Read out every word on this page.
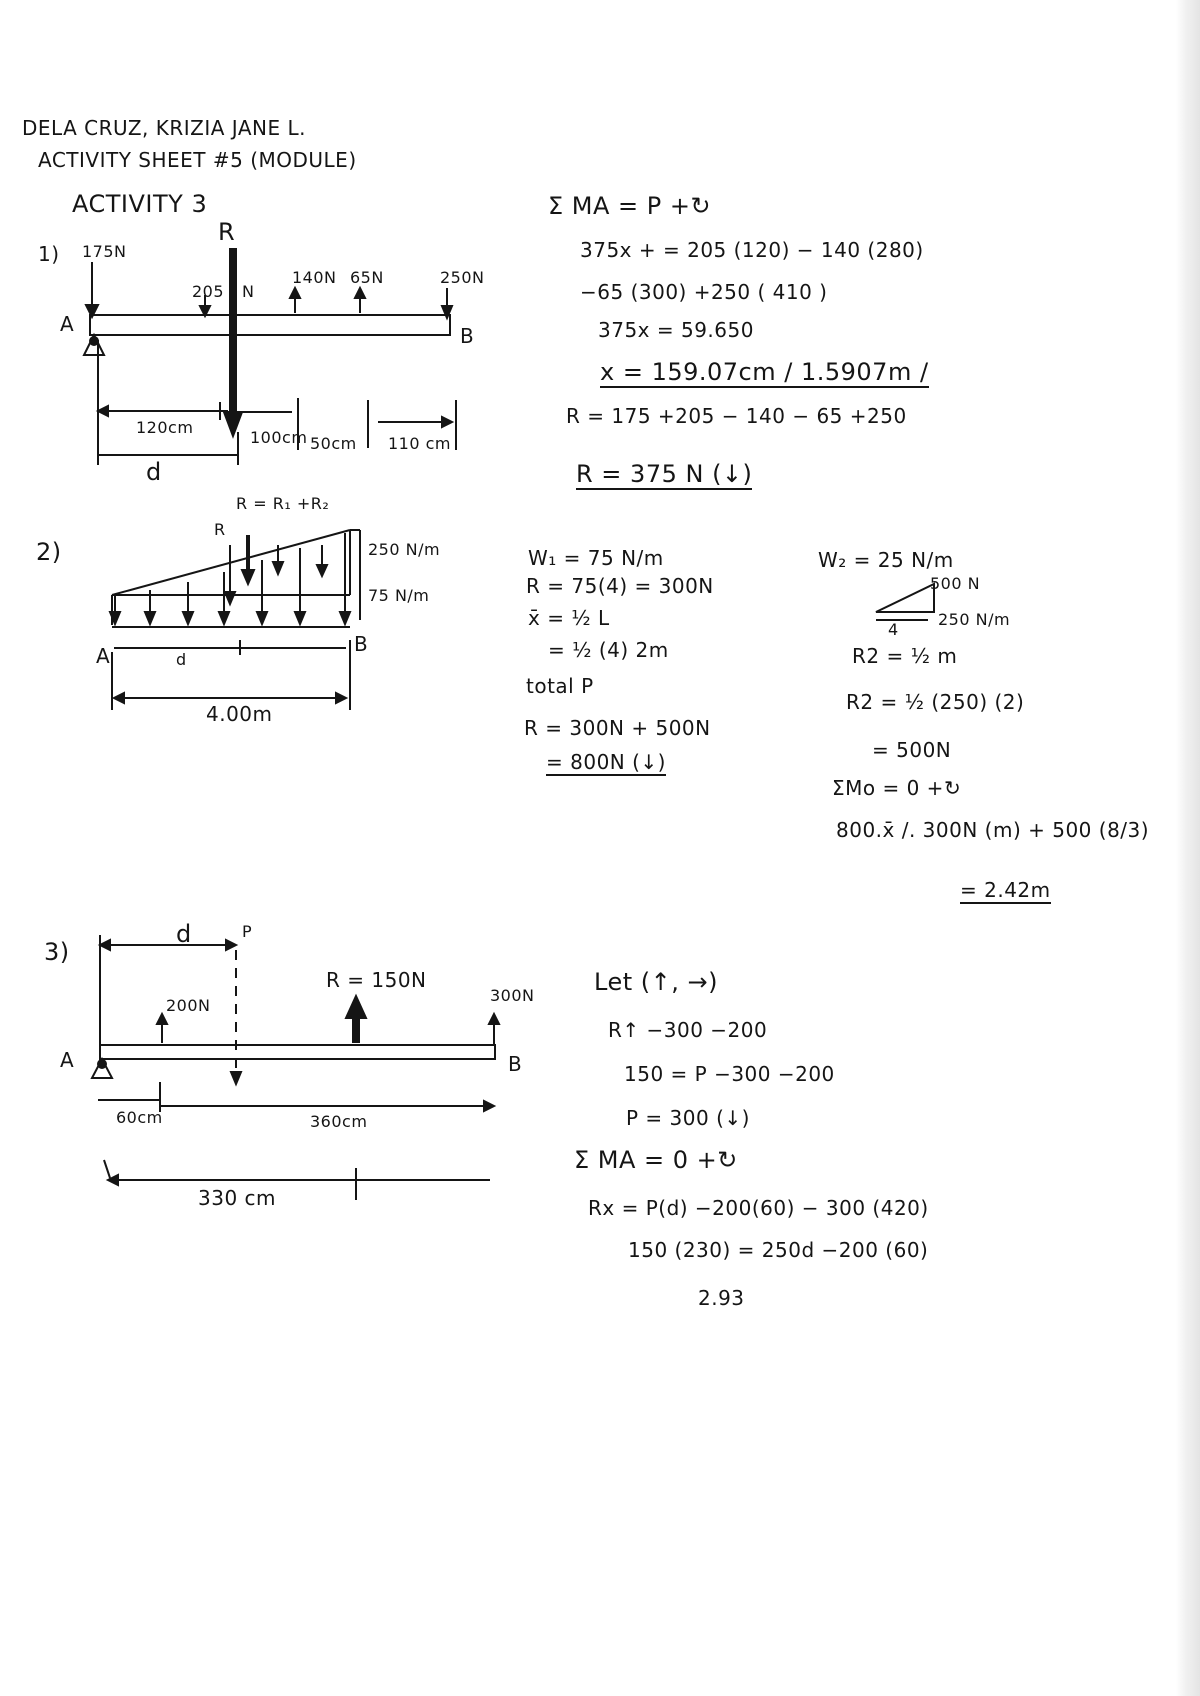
DELA CRUZ, KRIZIA JANE L.
ACTIVITY SHEET #5 (MODULE)
ACTIVITY 3
1)
R
175N
205 N
140N 65N	250N
A	B
120cm
100cm 50cm 110 cm
d
Σ MA = P +↻
375x + = 205 (120) − 140 (280)
−65 (300) +250 ( 410 )
375x = 59.650
x = 159.07cm / 1.5907m /
R = 175 +205 − 140 − 65 +250
R = 375 N (↓)
2)
R = R₁ +R₂
R
250 N/m
75 N/m
A	B
d
4.00m
W₁ = 75 N/m
R = 75(4) = 300N
x̄ = ½ L
= ½ (4) 2m
total P
R = 300N + 500N
= 800N (↓)
W₂ = 25 N/m
500 N
250 N/m
4
R2 = ½ m
R2 = ½ (250) (2)
= 500N
ΣMo = 0 +↻
800.x̄ /. 300N (m) + 500 (8/3)
= 2.42m
3)
d	P
200N
R = 150N
300N
A	B
60cm	360cm
330 cm
Let (↑, →)
R↑ −300 −200
150 = P −300 −200
P = 300 (↓)
Σ MA = 0 +↻
Rx = P(d) −200(60) − 300 (420)
150 (230) = 250d −200 (60)
2.93
